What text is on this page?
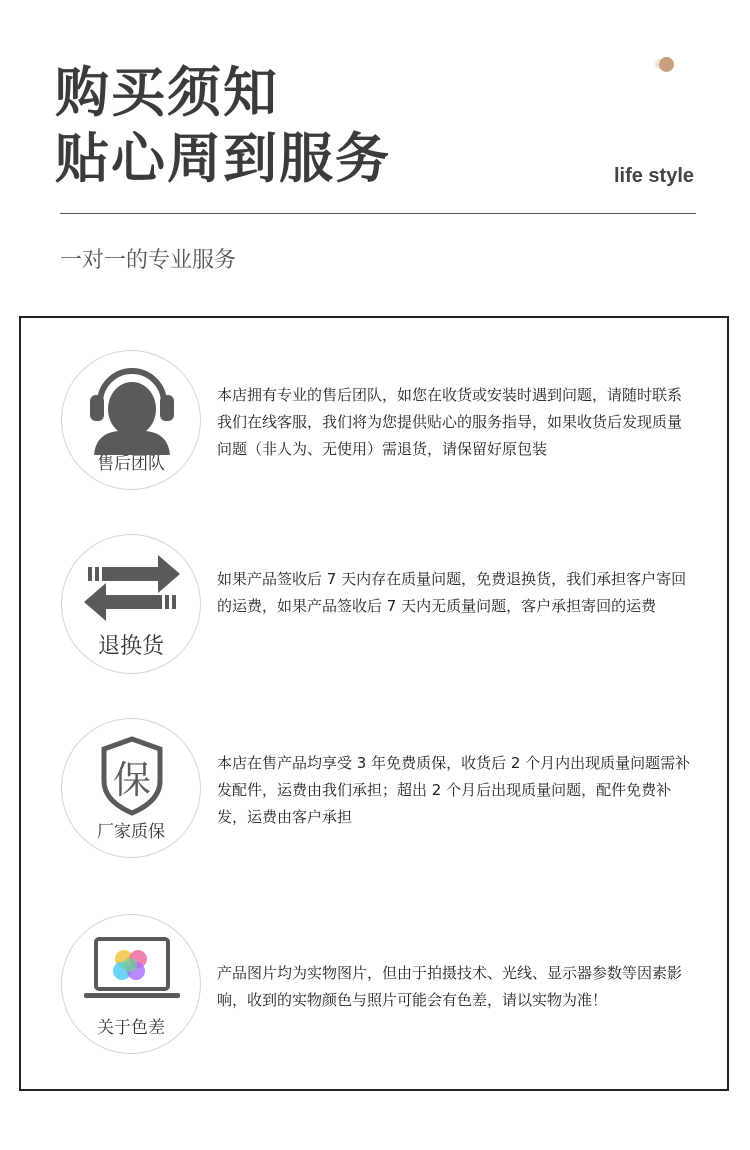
购买须知
贴心周到服务	life style
一对一的专业服务
售后团队
本店拥有专业的售后团队，如您在收货或安装时遇到问题，请随时联系我们在线客服，我们将为您提供贴心的服务指导，如果收货后发现质量问题（非人为、无使用）需退货，请保留好原包装
退换货
如果产品签收后 7 天内存在质量问题，免费退换货，我们承担客户寄回的运费，如果产品签收后 7 天内无质量问题，客户承担寄回的运费
保
厂家质保
本店在售产品均享受 3 年免费质保，收货后 2 个月内出现质量问题需补发配件，运费由我们承担；超出 2 个月后出现质量问题，配件免费补发，运费由客户承担
关于色差
产品图片均为实物图片，但由于拍摄技术、光线、显示器参数等因素影响，收到的实物颜色与照片可能会有色差，请以实物为准！
